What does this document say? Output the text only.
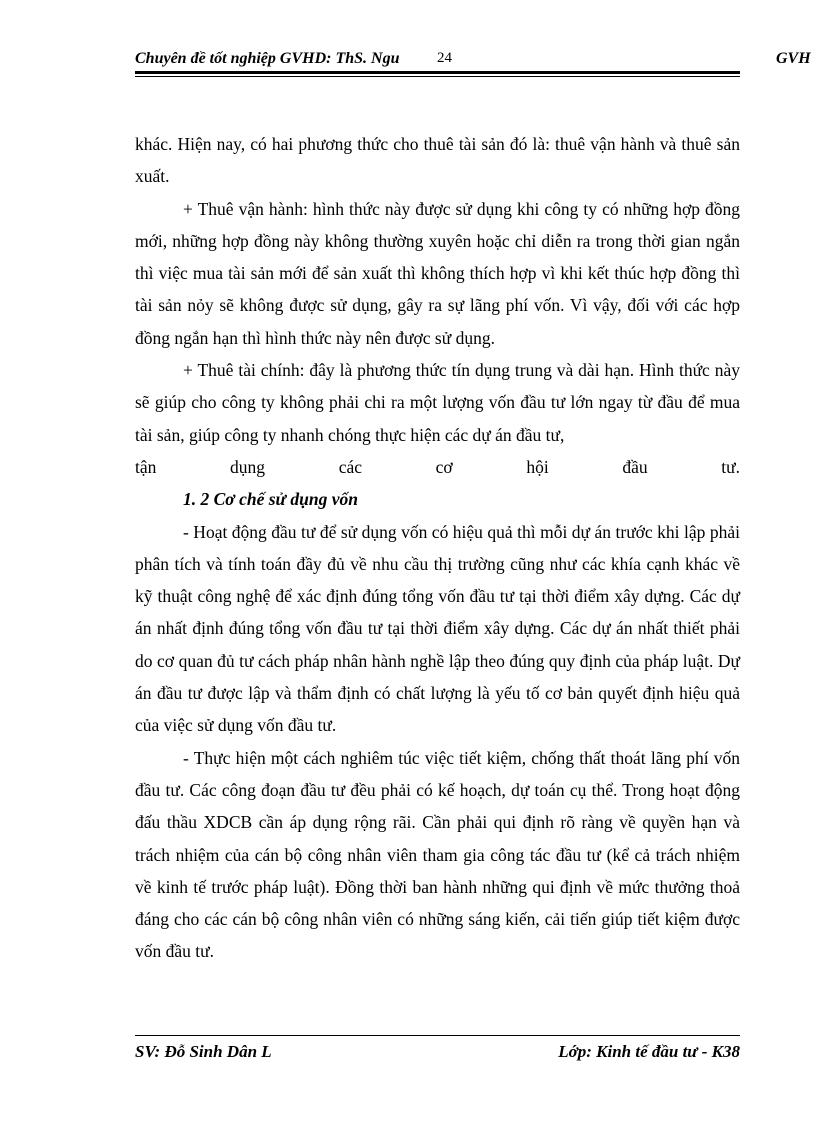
Chuyên đề tốt nghiệp GVHD: ThS. Ngu	24	GVH

khác. Hiện nay, có hai phương thức cho thuê tài sản đó là: thuê vận hành và thuê sản xuất.

+ Thuê vận hành: hình thức này được sử dụng khi công ty có những hợp đồng mới, những hợp đồng này không thường xuyên hoặc chỉ diễn ra trong thời gian ngắn thì việc mua tài sản mới để sản xuất thì không thích hợp vì khi kết thúc hợp đồng thì tài sản nỏy sẽ không được sử dụng, gây ra sự lãng phí vốn. Vì vậy, đối với các hợp đồng ngắn hạn thì hình thức này nên được sử dụng.

+ Thuê tài chính: đây là phương thức tín dụng trung và dài hạn. Hình thức này sẽ giúp cho công ty không phải chi ra một lượng vốn đầu tư lớn ngay từ đầu để mua tài sản, giúp công ty nhanh chóng thực hiện các dự án đầu tư,

tận dụng các cơ hội đầu tư.

1. 2 Cơ chế sử dụng vốn

- Hoạt động đầu tư để sử dụng vốn có hiệu quả thì mỗi dự án trước khi lập phải phân tích và tính toán đầy đủ về nhu cầu thị trường cũng như các khía cạnh khác về kỹ thuật công nghệ để xác định đúng tổng vốn đầu tư tại thời điểm xây dựng. Các dự án nhất định đúng tổng vốn đầu tư tại thời điểm xây dựng. Các dự án nhất thiết phải do cơ quan đủ tư cách pháp nhân hành nghề lập theo đúng quy định của pháp luật. Dự án đầu tư được lập và thẩm định có chất lượng là yếu tố cơ bản quyết định hiệu quả của việc sử dụng vốn đầu tư.

- Thực hiện một cách nghiêm túc việc tiết kiệm, chống thất thoát lãng phí vốn đầu tư. Các công đoạn đầu tư đều phải có kế hoạch, dự toán cụ thể. Trong hoạt động đấu thầu XDCB cần áp dụng rộng rãi. Cần phải qui định rõ ràng về quyền hạn và trách nhiệm của cán bộ công nhân viên tham gia công tác đầu tư (kể cả trách nhiệm về kinh tế trước pháp luật). Đồng thời ban hành những qui định về mức thưởng thoả đáng cho các cán bộ công nhân viên có những sáng kiến, cải tiến giúp tiết kiệm được vốn đầu tư.

SV: Đỗ Sinh Dân L	Lớp: Kinh tế đầu tư - K38
